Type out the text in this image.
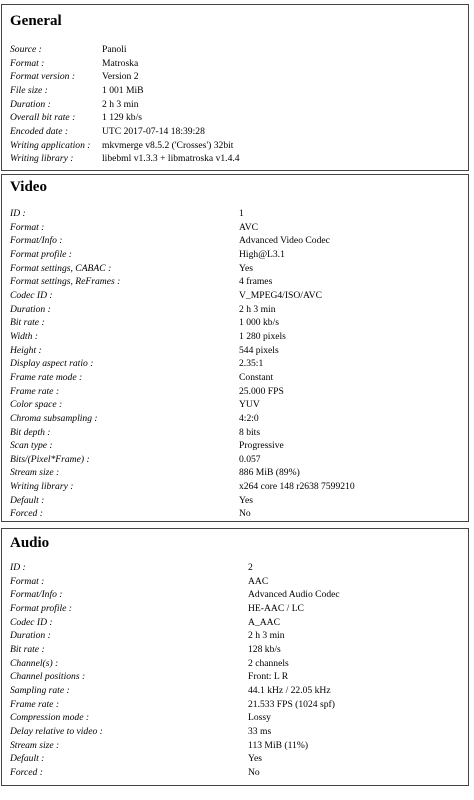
General
Source :	Panoli
Format :	Matroska
Format version :	Version 2
File size :	1 001 MiB
Duration :	2 h 3 min
Overall bit rate :	1 129 kb/s
Encoded date :	UTC 2017-07-14 18:39:28
Writing application : mkvmerge v8.5.2 ('Crosses') 32bit
Writing library :	libebml v1.3.3 + libmatroska v1.4.4
Video
ID :	1
Format :	AVC
Format/Info :	Advanced Video Codec
Format profile :	High@L3.1
Format settings, CABAC :	Yes
Format settings, ReFrames :	4 frames
Codec ID :	V_MPEG4/ISO/AVC
Duration :	2 h 3 min
Bit rate :	1 000 kb/s
Width :	1 280 pixels
Height :	544 pixels
Display aspect ratio :	2.35:1
Frame rate mode :	Constant
Frame rate :	25.000 FPS
Color space :	YUV
Chroma subsampling :	4:2:0
Bit depth :	8 bits
Scan type :	Progressive
Bits/(Pixel*Frame) :	0.057
Stream size :	886 MiB (89%)
Writing library :	x264 core 148 r2638 7599210
Default :	Yes
Forced :	No
Audio
ID :	2
Format :	AAC
Format/Info :	Advanced Audio Codec
Format profile :	HE-AAC / LC
Codec ID :	A_AAC
Duration :	2 h 3 min
Bit rate :	128 kb/s
Channel(s) :	2 channels
Channel positions :	Front: L R
Sampling rate :	44.1 kHz / 22.05 kHz
Frame rate :	21.533 FPS (1024 spf)
Compression mode :	Lossy
Delay relative to video :	33 ms
Stream size :	113 MiB (11%)
Default :	Yes
Forced :	No
